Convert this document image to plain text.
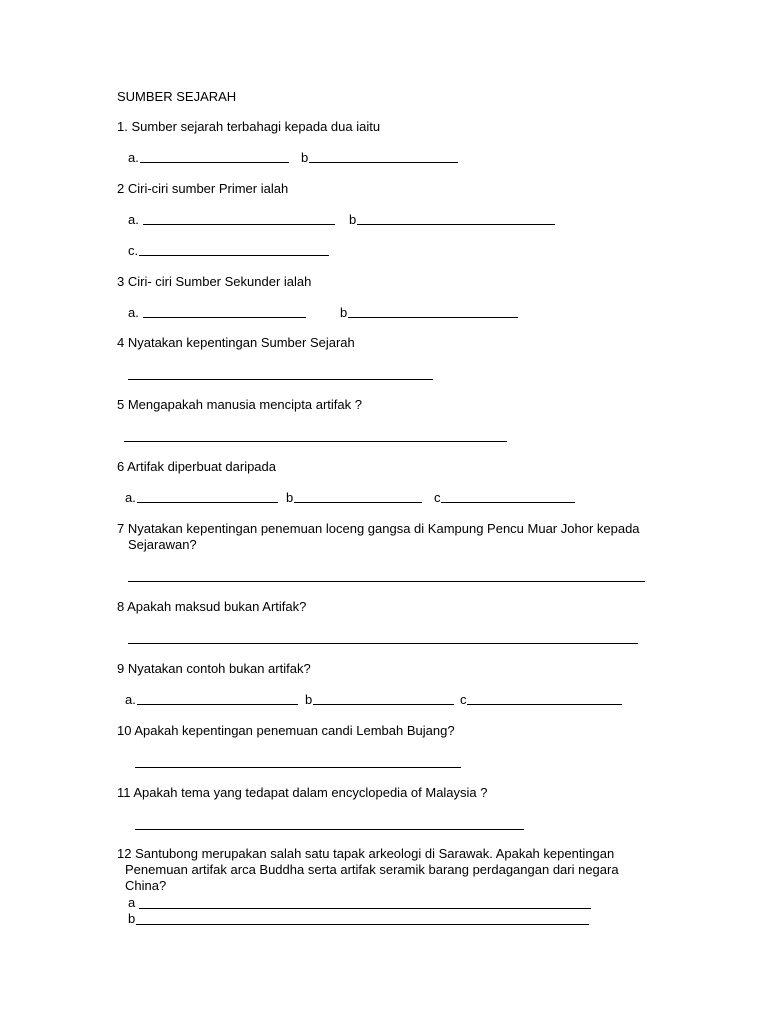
SUMBER SEJARAH
1. Sumber sejarah terbahagi kepada dua iaitu
a.	b
2 Ciri-ciri sumber Primer ialah
a.	b
c.
3 Ciri- ciri Sumber Sekunder ialah
a.	b
4 Nyatakan kepentingan Sumber Sejarah
5 Mengapakah manusia mencipta artifak ?
6 Artifak diperbuat daripada
a.	b	c
7 Nyatakan kepentingan penemuan loceng gangsa di Kampung Pencu Muar Johor kepada
Sejarawan?
8 Apakah maksud bukan Artifak?
9 Nyatakan contoh bukan artifak?
a.	b	c
10 Apakah kepentingan penemuan candi Lembah Bujang?
11 Apakah tema yang tedapat dalam encyclopedia of Malaysia ?
12 Santubong merupakan salah satu tapak arkeologi di Sarawak. Apakah kepentingan
Penemuan artifak arca Buddha serta artifak seramik barang perdagangan dari negara
China?
a
b
